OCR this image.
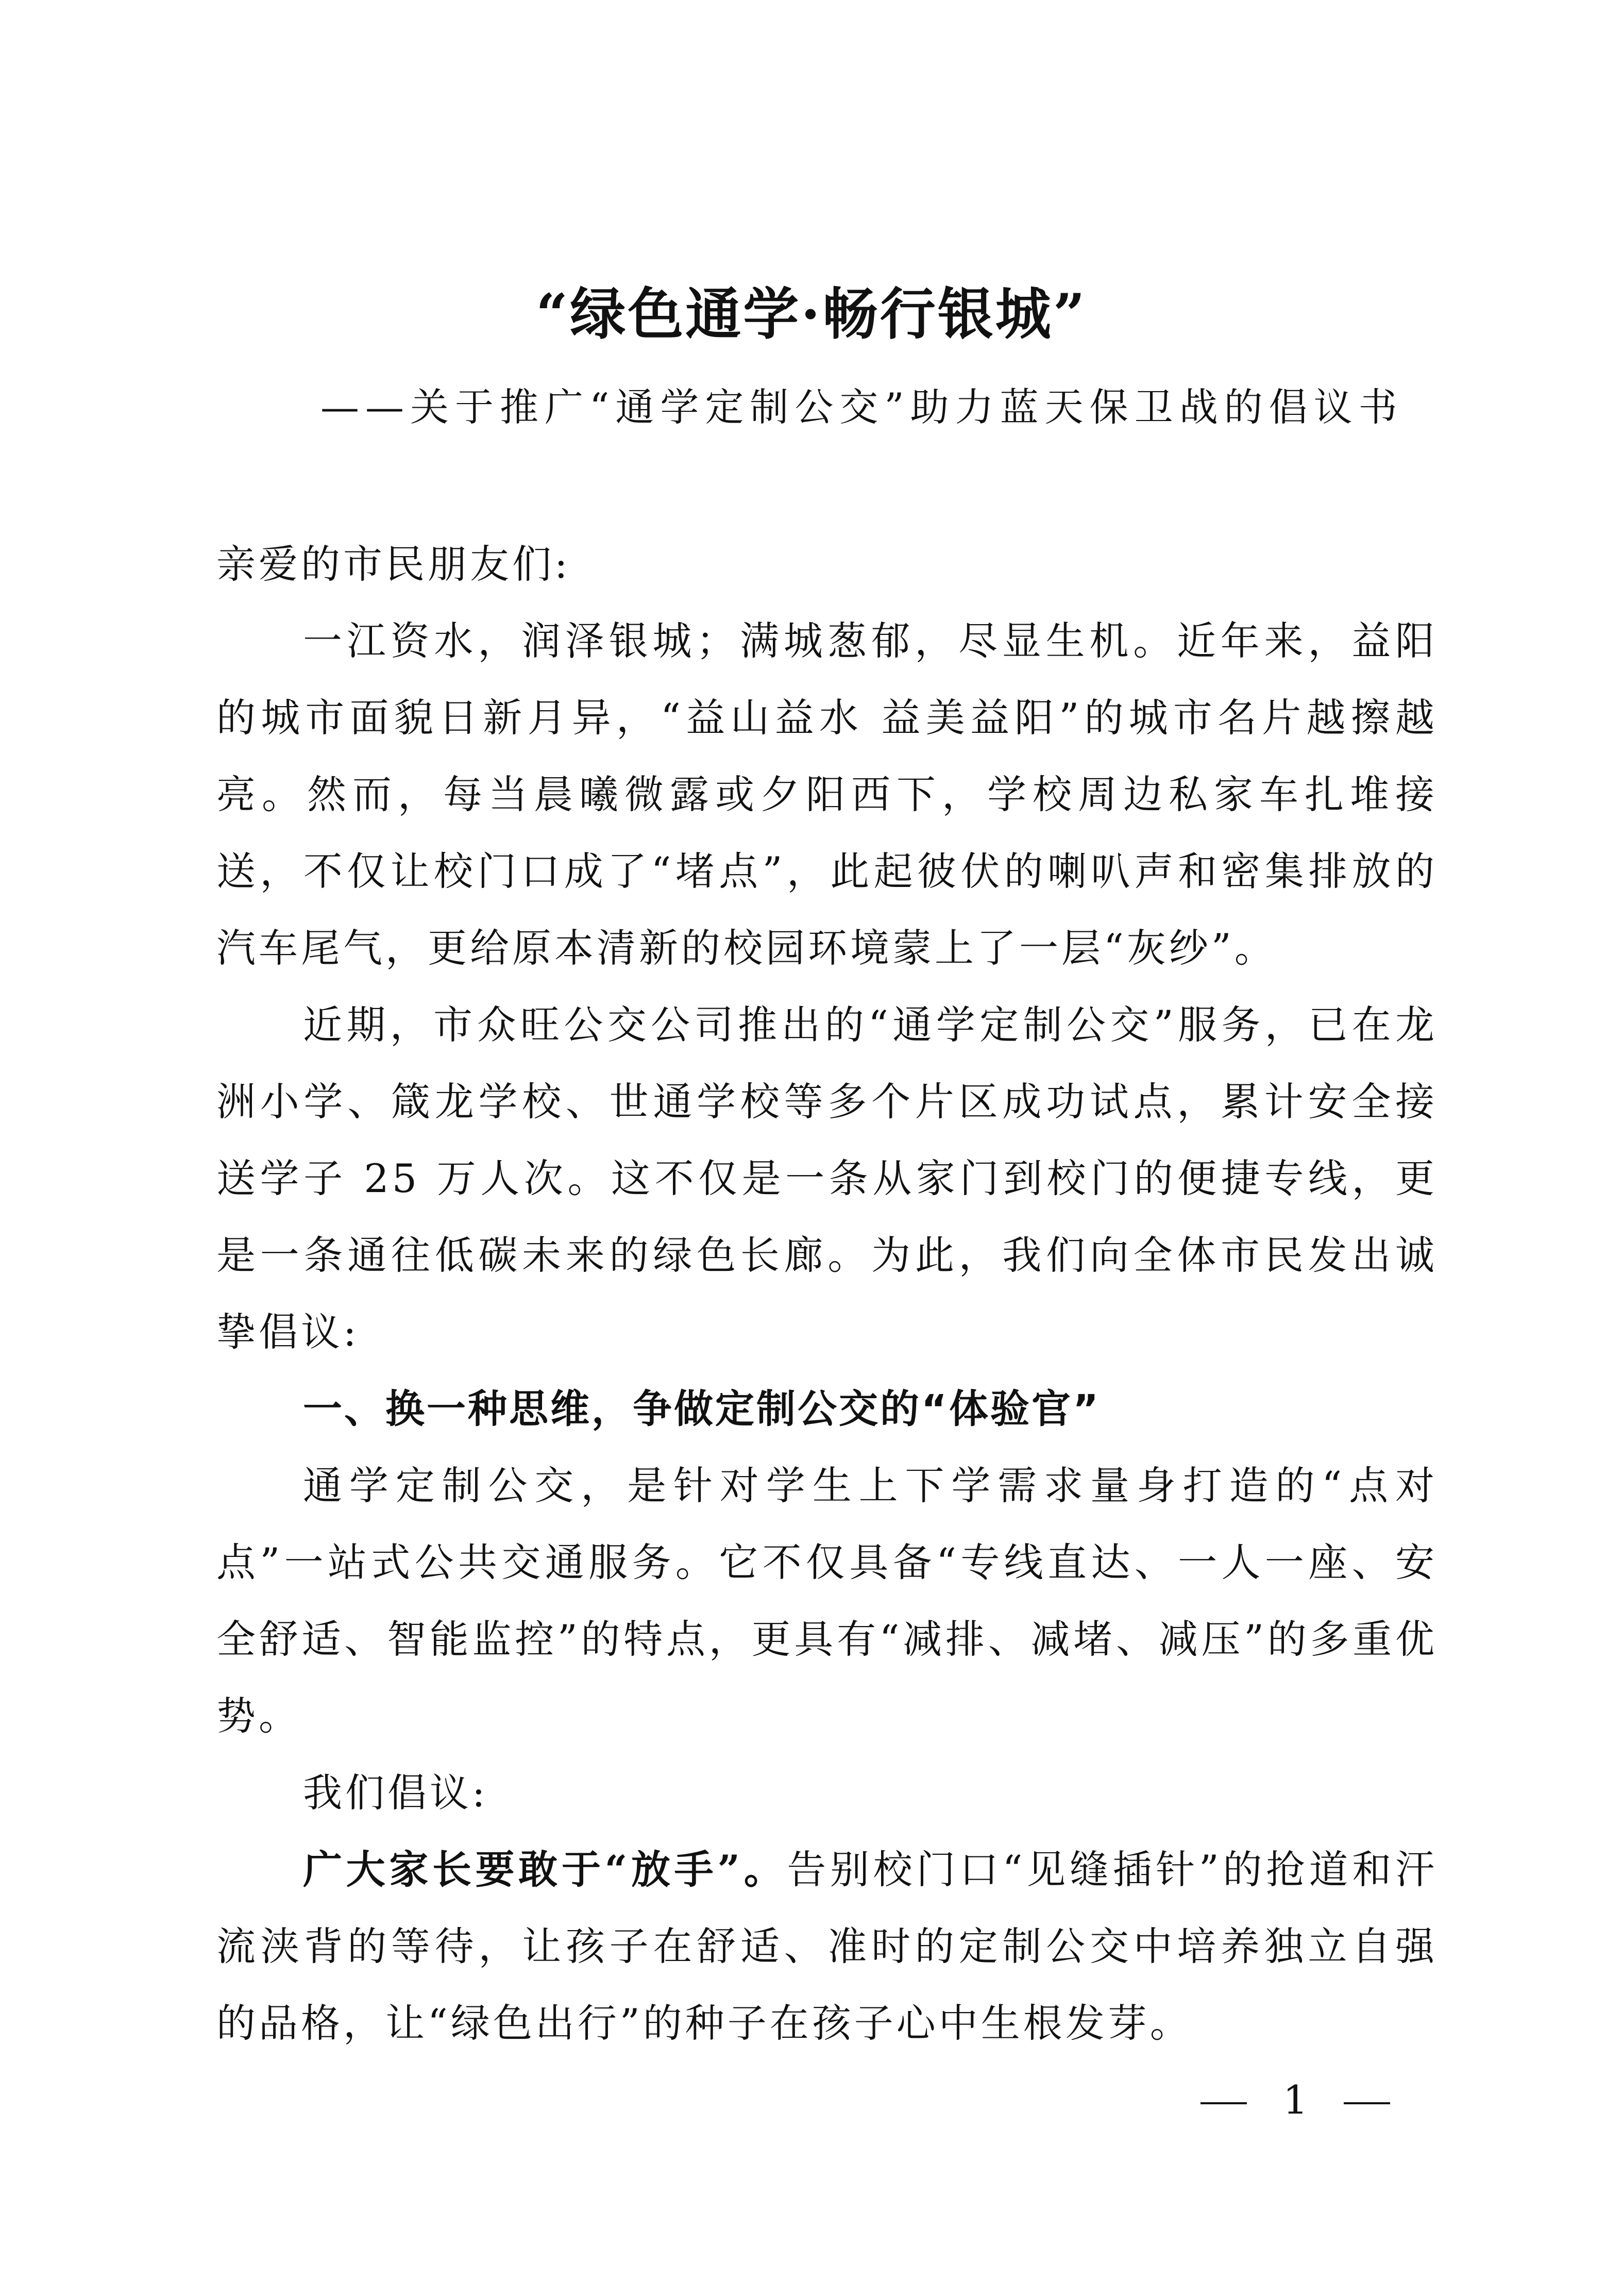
“绿色通学·畅行银城”
——关于推广“通学定制公交”助力蓝天保卫战的倡议书

亲爱的市民朋友们:

一江资水，润泽银城；满城葱郁，尽显生机。近年来，益阳的城市面貌日新月异，“益山益水 益美益阳”的城市名片越擦越亮。然而，每当晨曦微露或夕阳西下，学校周边私家车扎堆接送，不仅让校门口成了“堵点”，此起彼伏的喇叭声和密集排放的汽车尾气，更给原本清新的校园环境蒙上了一层“灰纱”。

近期，市众旺公交公司推出的“通学定制公交”服务，已在龙洲小学、箴龙学校、世通学校等多个片区成功试点，累计安全接送学子 25 万人次。这不仅是一条从家门到校门的便捷专线，更是一条通往低碳未来的绿色长廊。为此，我们向全体市民发出诚挚倡议:

一、换一种思维，争做定制公交的“体验官”

通学定制公交，是针对学生上下学需求量身打造的“点对点”一站式公共交通服务。它不仅具备“专线直达、一人一座、安全舒适、智能监控”的特点，更具有“减排、减堵、减压”的多重优势。

我们倡议:

广大家长要敢于“放手”。告别校门口“见缝插针”的抢道和汗流浃背的等待，让孩子在舒适、准时的定制公交中培养独立自强的品格，让“绿色出行”的种子在孩子心中生根发芽。

1
